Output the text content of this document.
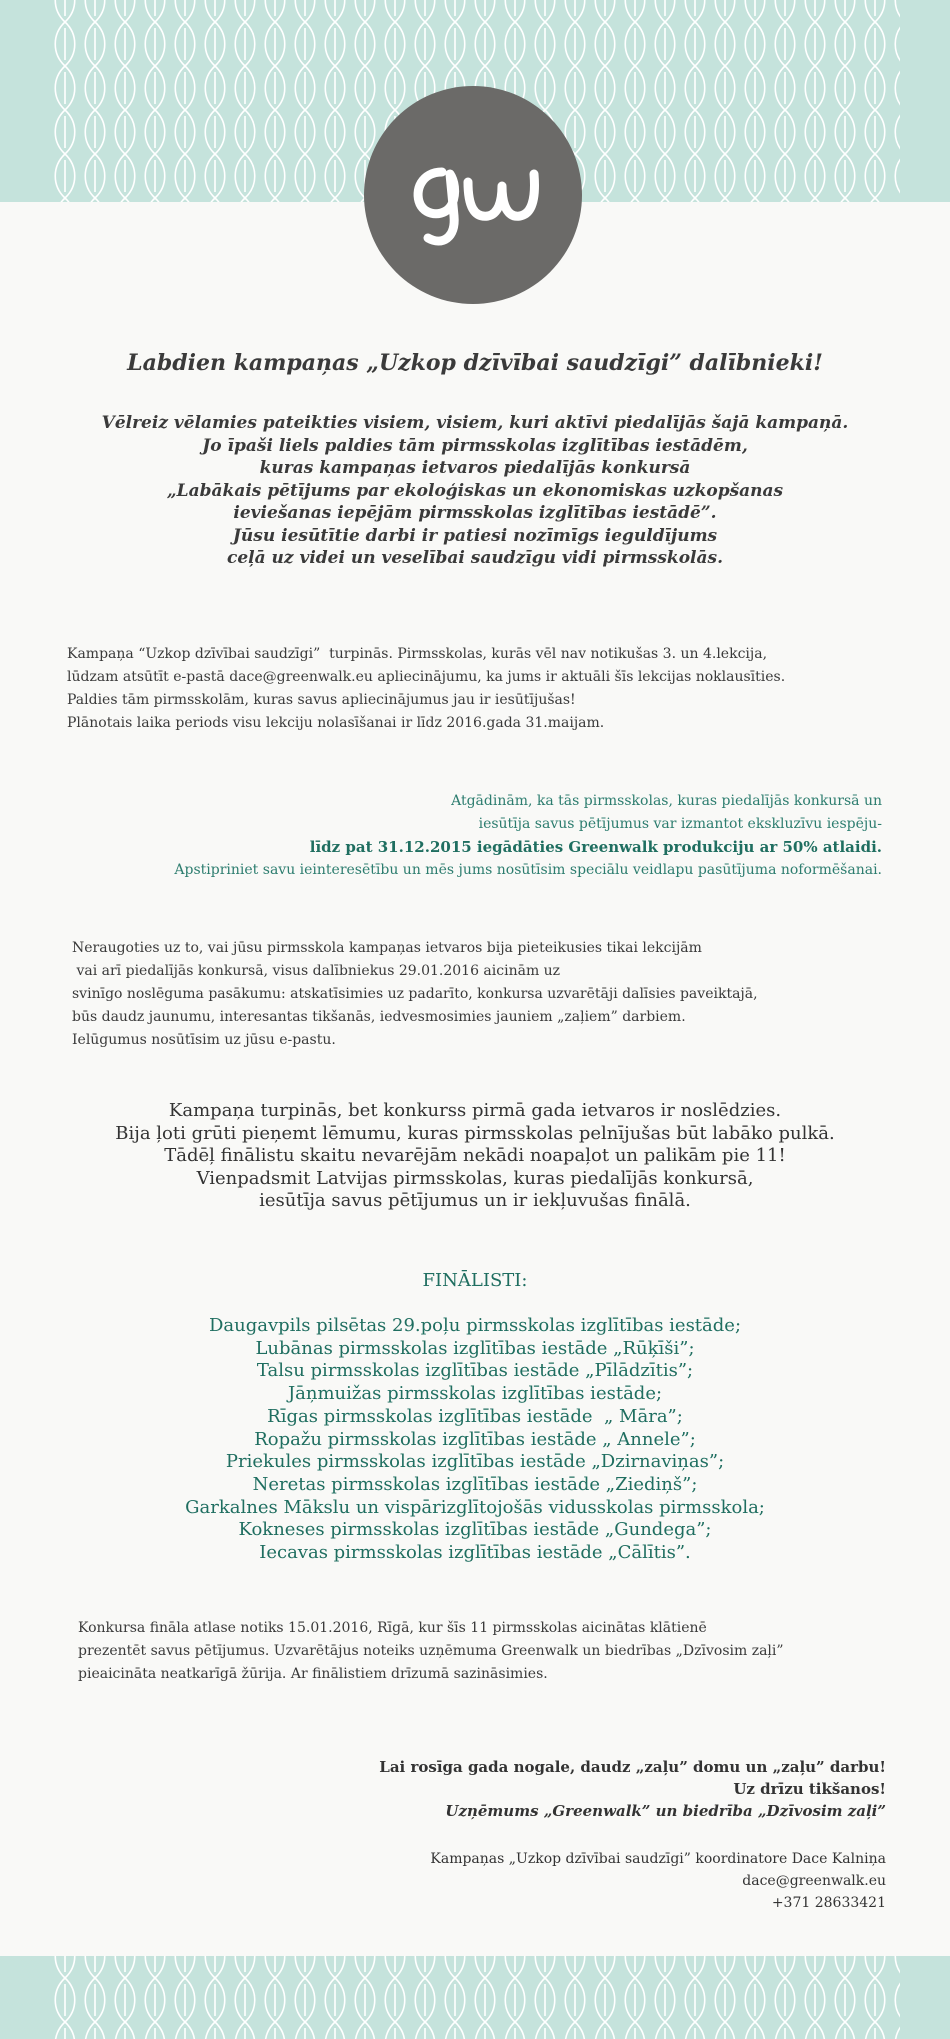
Labdien kampaņas „Uzkop dzīvībai saudzīgi” dalībnieki!
Vēlreiz vēlamies pateikties visiem, visiem, kuri aktīvi piedalījās šajā kampaņā.
Jo īpaši liels paldies tām pirmsskolas izglītības iestādēm,
kuras kampaņas ietvaros piedalījās konkursā
„Labākais pētījums par ekoloģiskas un ekonomiskas uzkopšanas
ieviešanas iepējām pirmsskolas izglītības iestādē”.
Jūsu iesūtītie darbi ir patiesi nozīmīgs ieguldījums
ceļā uz videi un veselībai saudzīgu vidi pirmsskolās.
Kampaņa “Uzkop dzīvībai saudzīgi”  turpinās. Pirmsskolas, kurās vēl nav notikušas 3. un 4.lekcija,
lūdzam atsūtīt e-pastā dace@greenwalk.eu apliecinājumu, ka jums ir aktuāli šīs lekcijas noklausīties.
Paldies tām pirmsskolām, kuras savus apliecinājumus jau ir iesūtījušas!
Plānotais laika periods visu lekciju nolasīšanai ir līdz 2016.gada 31.maijam.
Atgādinām, ka tās pirmsskolas, kuras piedalījās konkursā un
iesūtīja savus pētījumus var izmantot ekskluzīvu iespēju-
līdz pat 31.12.2015 iegādāties Greenwalk produkciju ar 50% atlaidi.
Apstipriniet savu ieinteresētību un mēs jums nosūtīsim speciālu veidlapu pasūtījuma noformēšanai.
Neraugoties uz to, vai jūsu pirmsskola kampaņas ietvaros bija pieteikusies tikai lekcijām
vai arī piedalījās konkursā, visus dalībniekus 29.01.2016 aicinām uz
svinīgo noslēguma pasākumu: atskatīsimies uz padarīto, konkursa uzvarētāji dalīsies paveiktajā,
būs daudz jaunumu, interesantas tikšanās, iedvesmosimies jauniem „zaļiem” darbiem.
Ielūgumus nosūtīsim uz jūsu e-pastu.
Kampaņa turpinās, bet konkurss pirmā gada ietvaros ir noslēdzies.
Bija ļoti grūti pieņemt lēmumu, kuras pirmsskolas pelnījušas būt labāko pulkā.
Tādēļ finālistu skaitu nevarējām nekādi noapaļot un palikām pie 11!
Vienpadsmit Latvijas pirmsskolas, kuras piedalījās konkursā,
iesūtīja savus pētījumus un ir iekļuvušas finālā.
FINĀLISTI:
Daugavpils pilsētas 29.poļu pirmsskolas izglītības iestāde;
Lubānas pirmsskolas izglītības iestāde „Rūķīši”;
Talsu pirmsskolas izglītības iestāde „Pīlādzītis”;
Jāņmuižas pirmsskolas izglītības iestāde;
Rīgas pirmsskolas izglītības iestāde  „ Māra”;
Ropažu pirmsskolas izglītības iestāde „ Annele”;
Priekules pirmsskolas izglītības iestāde „Dzirnaviņas”;
Neretas pirmsskolas izglītības iestāde „Ziediņš”;
Garkalnes Mākslu un vispārizglītojošās vidusskolas pirmsskola;
Kokneses pirmsskolas izglītības iestāde „Gundega”;
Iecavas pirmsskolas izglītības iestāde „Cālītis”.
Konkursa fināla atlase notiks 15.01.2016, Rīgā, kur šīs 11 pirmsskolas aicinātas klātienē
prezentēt savus pētījumus. Uzvarētājus noteiks uzņēmuma Greenwalk un biedrības „Dzīvosim zaļi”
pieaicināta neatkarīgā žūrija. Ar finālistiem drīzumā sazināsimies.
Lai rosīga gada nogale, daudz „zaļu” domu un „zaļu” darbu!
Uz drīzu tikšanos!
Uzņēmums „Greenwalk” un biedrība „Dzīvosim zaļi”
Kampaņas „Uzkop dzīvībai saudzīgi” koordinatore Dace Kalniņa
dace@greenwalk.eu
+371 28633421
